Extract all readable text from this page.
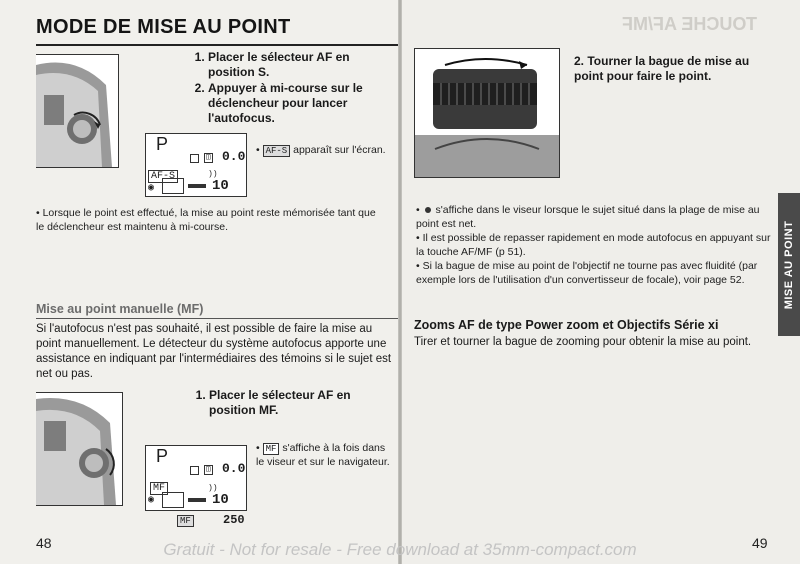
MODE DE MISE AU POINT
1. Placer le sélecteur AF en position S.
2. Appuyer à mi-course sur le déclencheur pour lancer l'autofocus.
P
◫ 0.0
AF-S
◉
))
10
• AF-S apparaît sur l'écran.
• Lorsque le point est effectué, la mise au point reste mémorisée tant que le déclencheur est maintenu à mi-course.
Mise au point manuelle (MF)
Si l'autofocus n'est pas souhaité, il est possible de faire la mise au point manuellement. Le détecteur du système autofocus apporte une assistance en indiquant par l'intermédiaires des témoins si le sujet est net ou pas.
1. Placer le sélecteur AF en position MF.
P
◫ 0.0
MF
◉
))
10
MF	250
• MF s'affiche à la fois dans le viseur et sur le navigateur.
48
TOUCHE AF/MF
2. Tourner la bague de mise au point pour faire le point.
•  s'affiche dans le viseur lorsque le sujet situé dans la plage de mise au point est net.
• Il est possible de repasser rapidement en mode autofocus en appuyant sur la touche AF/MF (p 51).
• Si la bague de mise au point de l'objectif ne tourne pas avec fluidité (par exemple lors de l'utilisation d'un convertisseur de focale), voir page 52.
Zooms AF de type Power zoom et Objectifs Série xi
Tirer et tourner la bague de zooming pour obtenir la mise au point.
49
MISE AU POINT
Gratuit - Not for resale - Free download at 35mm-compact.com
